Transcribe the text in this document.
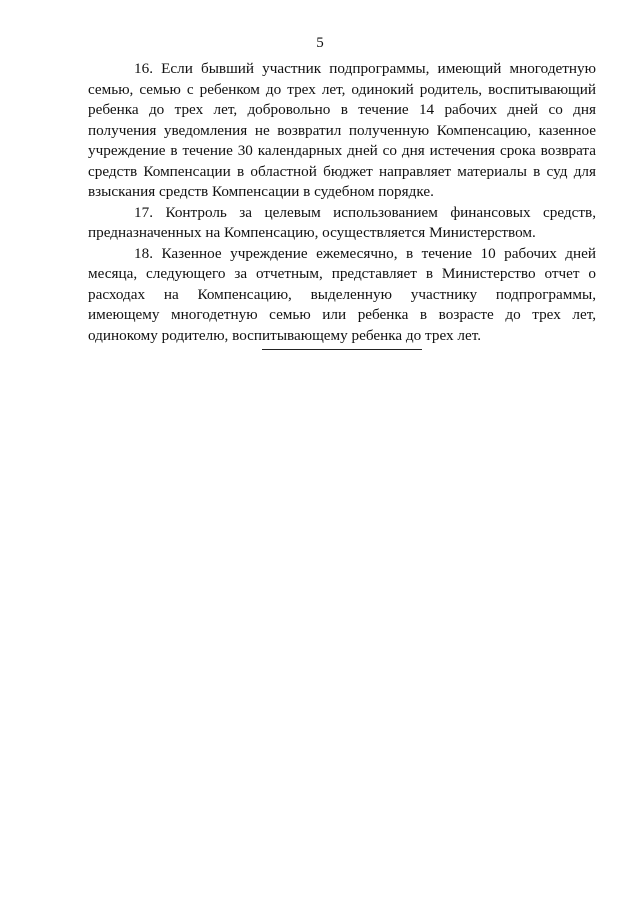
5

16. Если бывший участник подпрограммы, имеющий многодетную семью, семью с ребенком до трех лет, одинокий родитель, воспитывающий ребенка до трех лет, добровольно в течение 14 рабочих дней со дня получения уведомления не возвратил полученную Компенсацию, казенное учреждение в течение 30 календарных дней со дня истечения срока возврата средств Компенсации в областной бюджет направляет материалы в суд для взыскания средств Компенсации в судебном порядке.

17. Контроль за целевым использованием финансовых средств, предназначенных на Компенсацию, осуществляется Министерством.

18. Казенное учреждение ежемесячно, в течение 10 рабочих дней месяца, следующего за отчетным, представляет в Министерство отчет о расходах на Компенсацию, выделенную участнику подпрограммы, имеющему многодетную семью или ребенка в возрасте до трех лет, одинокому родителю, воспитывающему ребенка до трех лет.
